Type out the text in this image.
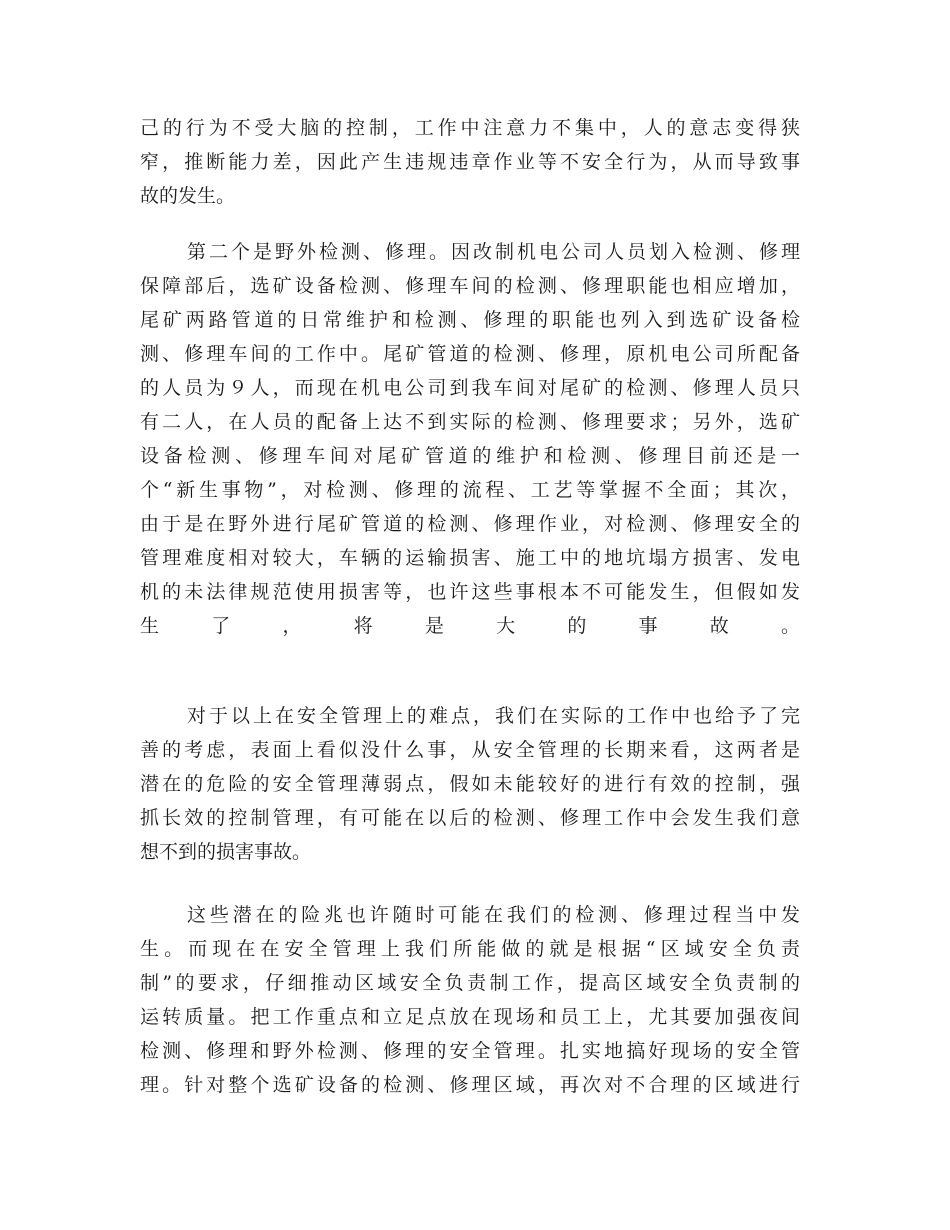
己的行为不受大脑的控制，工作中注意力不集中，人的意志变得狭
窄，推断能力差，因此产生违规违章作业等不安全行为，从而导致事
故的发生。
第二个是野外检测、修理。因改制机电公司人员划入检测、修理
保障部后，选矿设备检测、修理车间的检测、修理职能也相应增加，
尾矿两路管道的日常维护和检测、修理的职能也列入到选矿设备检
测、修理车间的工作中。尾矿管道的检测、修理，原机电公司所配备
的人员为９人，而现在机电公司到我车间对尾矿的检测、修理人员只
有二人，在人员的配备上达不到实际的检测、修理要求；另外，选矿
设备检测、修理车间对尾矿管道的维护和检测、修理目前还是一
个“新生事物”，对检测、修理的流程、工艺等掌握不全面；其次，
由于是在野外进行尾矿管道的检测、修理作业，对检测、修理安全的
管理难度相对较大，车辆的运输损害、施工中的地坑塌方损害、发电
机的未法律规范使用损害等，也许这些事根本不可能发生，但假如发
生了，将是大的事故。
对于以上在安全管理上的难点，我们在实际的工作中也给予了完
善的考虑，表面上看似没什么事，从安全管理的长期来看，这两者是
潜在的危险的安全管理薄弱点，假如未能较好的进行有效的控制，强
抓长效的控制管理，有可能在以后的检测、修理工作中会发生我们意
想不到的损害事故。
这些潜在的险兆也许随时可能在我们的检测、修理过程当中发
生。而现在在安全管理上我们所能做的就是根据“区域安全负责
制”的要求，仔细推动区域安全负责制工作，提高区域安全负责制的
运转质量。把工作重点和立足点放在现场和员工上，尤其要加强夜间
检测、修理和野外检测、修理的安全管理。扎实地搞好现场的安全管
理。针对整个选矿设备的检测、修理区域，再次对不合理的区域进行
